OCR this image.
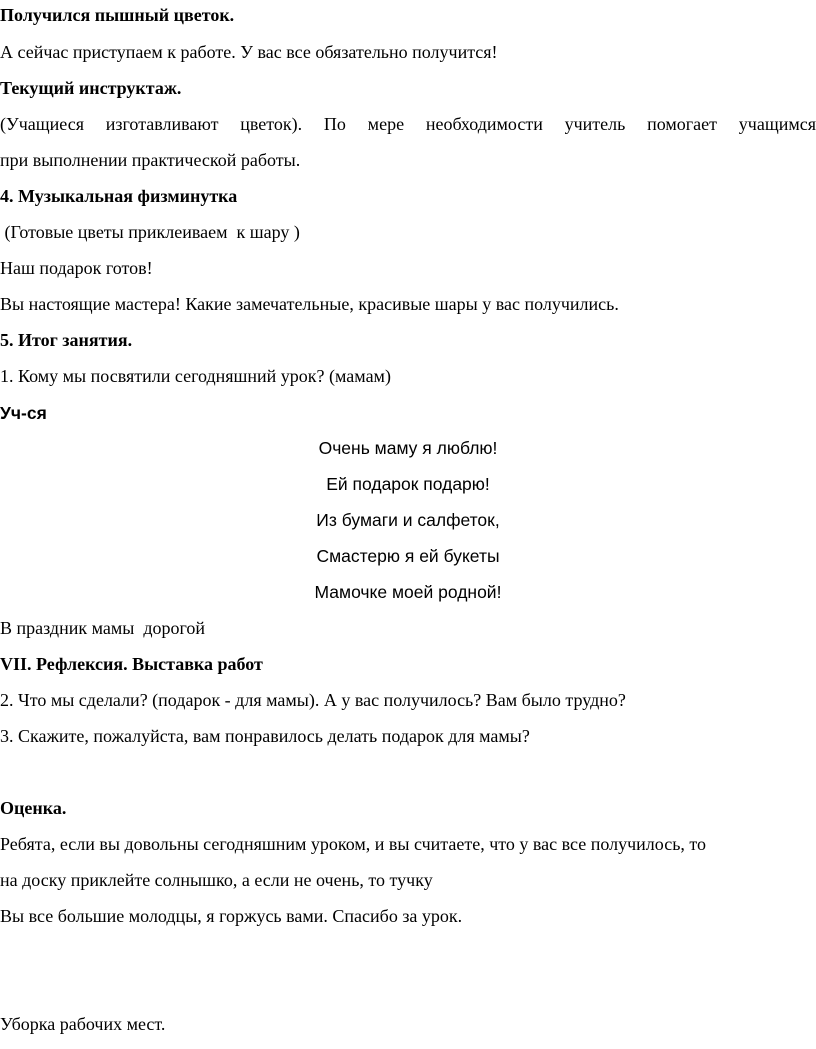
Получился пышный цветок.
А сейчас приступаем к работе. У вас все обязательно получится!
Текущий инструктаж.
(Учащиеся изготавливают цветок). По мере необходимости учитель помогает учащимся
при выполнении практической работы.
4. Музыкальная физминутка
(Готовые цветы приклеиваем  к шару )
Наш подарок готов!
Вы настоящие мастера! Какие замечательные, красивые шары у вас получились.
5. Итог занятия.
1. Кому мы посвятили сегодняшний урок? (мамам)
Уч-ся
Очень маму я люблю!
Ей подарок подарю!
Из бумаги и салфеток,
Смастерю я ей букеты
Мамочке моей родной!
В праздник мамы  дорогой
VII. Рефлексия. Выставка работ
2. Что мы сделали? (подарок - для мамы). А у вас получилось? Вам было трудно?
3. Скажите, пожалуйста, вам понравилось делать подарок для мамы?
Оценка.
Ребята, если вы довольны сегодняшним уроком, и вы считаете, что у вас все получилось, то
на доску приклейте солнышко, а если не очень, то тучку
Вы все большие молодцы, я горжусь вами. Спасибо за урок.
Уборка рабочих мест.
